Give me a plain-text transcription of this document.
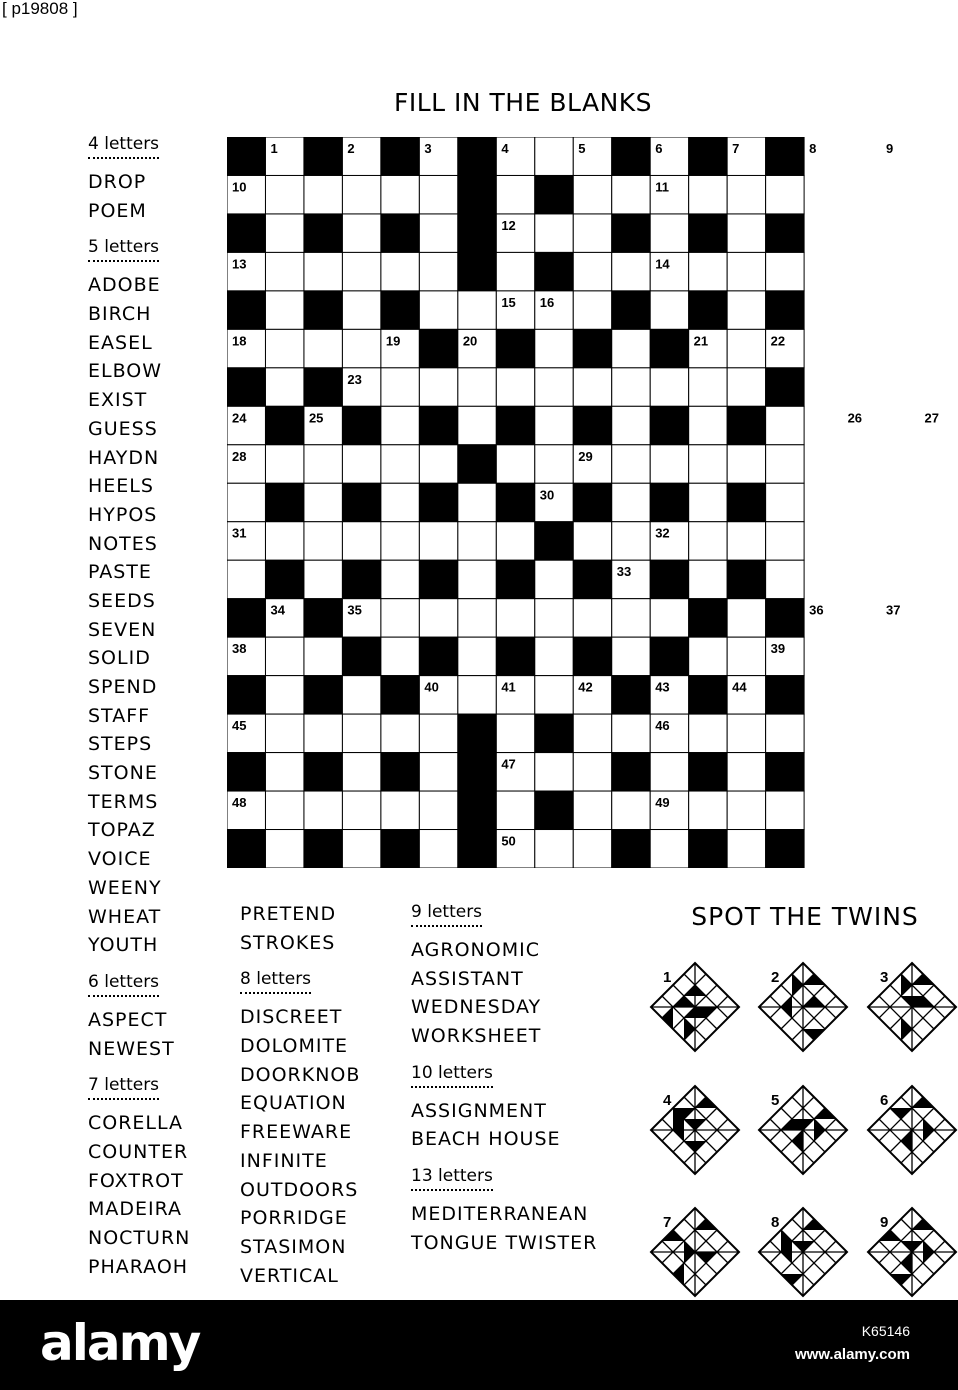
[ p19808 ]
FILL IN THE BLANKS
1	2	3	4	5	6	7	8	9
10	11
12
13	14
15 16	17
18	19	20	21	22
23
24	25	26	27
28	29
30
31	32
33
34	35	36	37
38	39
40	41	42	43	44
45	46
47
48	49
50
4 letters
DROP
POEM
5 letters
ADOBE
BIRCH
EASEL
ELBOW
EXIST
GUESS
HAYDN
HEELS
HYPOS
NOTES
PASTE
SEEDS
SEVEN
SOLID
SPEND
STAFF
STEPS
STONE
TERMS
TOPAZ
VOICE
WEENY
WHEAT
YOUTH
6 letters
ASPECT
NEWEST
7 letters
CORELLA
COUNTER
FOXTROT
MADEIRA
NOCTURN
PHARAOH
PRETEND
STROKES
8 letters
DISCREET
DOLOMITE
DOORKNOB
EQUATION
FREEWARE
INFINITE
OUTDOORS
PORRIDGE
STASIMON
VERTICAL
9 letters
AGRONOMIC
ASSISTANT
WEDNESDAY
WORKSHEET
10 letters
ASSIGNMENT
BEACH HOUSE
13 letters
MEDITERRANEAN
TONGUE TWISTER
SPOT THE TWINS
1	2	3
4	5	6
7	8	9
alamy	K65146
www.alamy.com
